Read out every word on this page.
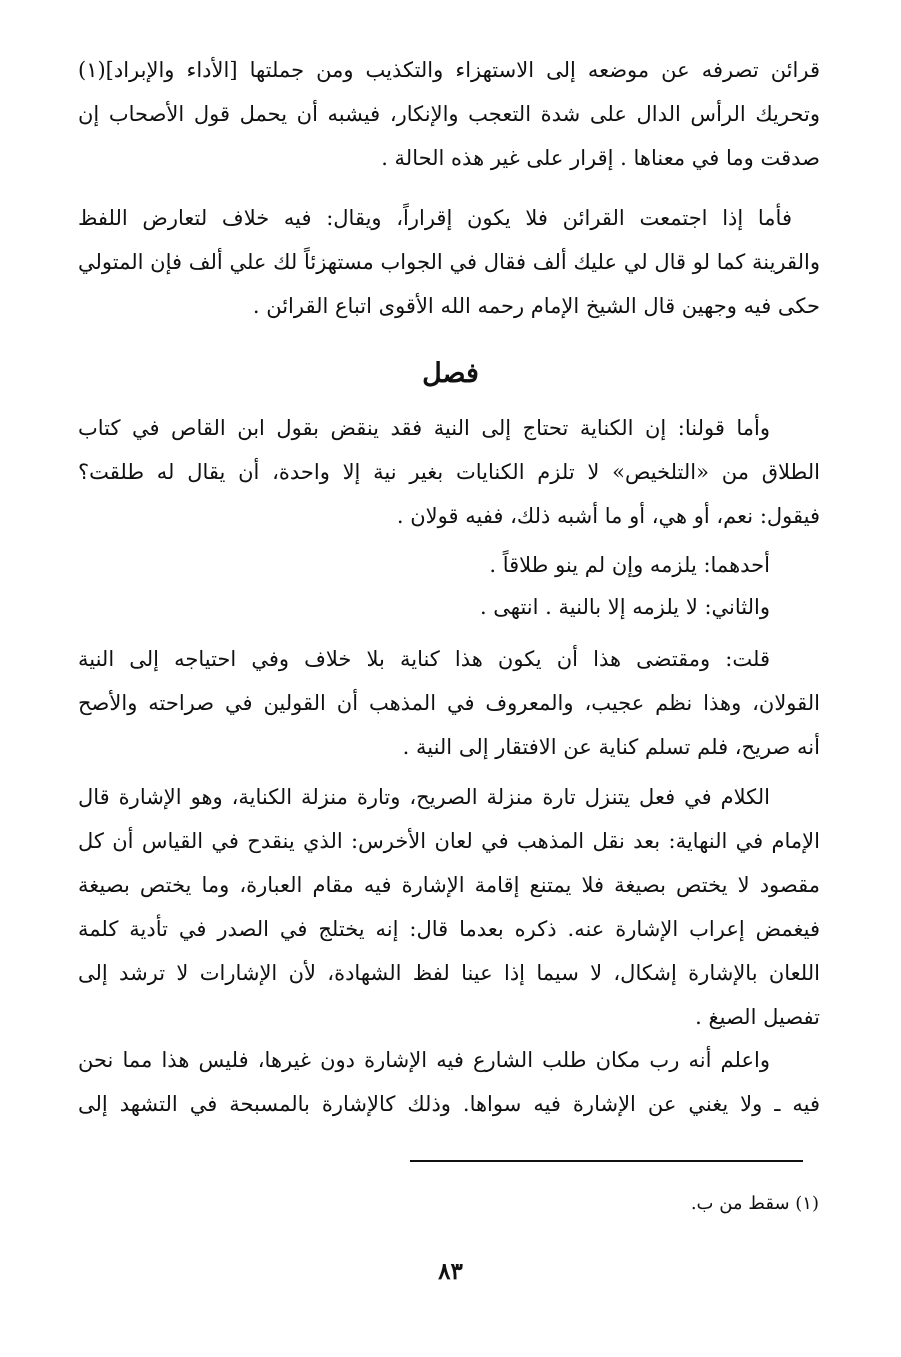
قرائن تصرفه عن موضعه إلى الاستهزاء والتكذيب ومن جملتها [الأداء والإبراد](١)
وتحريك الرأس الدال على شدة التعجب والإنكار، فيشبه أن يحمل قول الأصحاب إن
صدقت وما في معناها . إقرار على غير هذه الحالة .
فأما إذا اجتمعت القرائن فلا يكون إقراراً، ويقال: فيه خلاف لتعارض اللفظ
والقرينة كما لو قال لي عليك ألف فقال في الجواب مستهزئاً لك علي ألف فإن المتولي
حكى فيه وجهين قال الشيخ الإمام رحمه الله الأقوى اتباع القرائن .
فصل
وأما قولنا: إن الكناية تحتاج إلى النية فقد ينقض بقول ابن القاص في كتاب
الطلاق من «التلخيص» لا تلزم الكنايات بغير نية إلا واحدة، أن يقال له طلقت؟
فيقول: نعم، أو هي، أو ما أشبه ذلك، ففيه قولان .
أحدهما: يلزمه وإن لم ينو طلاقاً .
والثاني: لا يلزمه إلا بالنية . انتهى .
قلت: ومقتضى هذا أن يكون هذا كناية بلا خلاف وفي احتياجه إلى النية
القولان، وهذا نظم عجيب، والمعروف في المذهب أن القولين في صراحته والأصح
أنه صريح، فلم تسلم كناية عن الافتقار إلى النية .
الكلام في فعل يتنزل تارة منزلة الصريح، وتارة منزلة الكناية، وهو الإشارة قال
الإمام في النهاية: بعد نقل المذهب في لعان الأخرس: الذي ينقدح في القياس أن كل
مقصود لا يختص بصيغة فلا يمتنع إقامة الإشارة فيه مقام العبارة، وما يختص بصيغة
فيغمض إعراب الإشارة عنه. ذكره بعدما قال: إنه يختلج في الصدر في تأدية كلمة
اللعان بالإشارة إشكال، لا سيما إذا عينا لفظ الشهادة، لأن الإشارات لا ترشد إلى
تفصيل الصيغ .
واعلم أنه رب مكان طلب الشارع فيه الإشارة دون غيرها، فليس هذا مما نحن
فيه ـ ولا يغني عن الإشارة فيه سواها. وذلك كالإشارة بالمسبحة في التشهد إلى
(١) سقط من ب.
٨٣
